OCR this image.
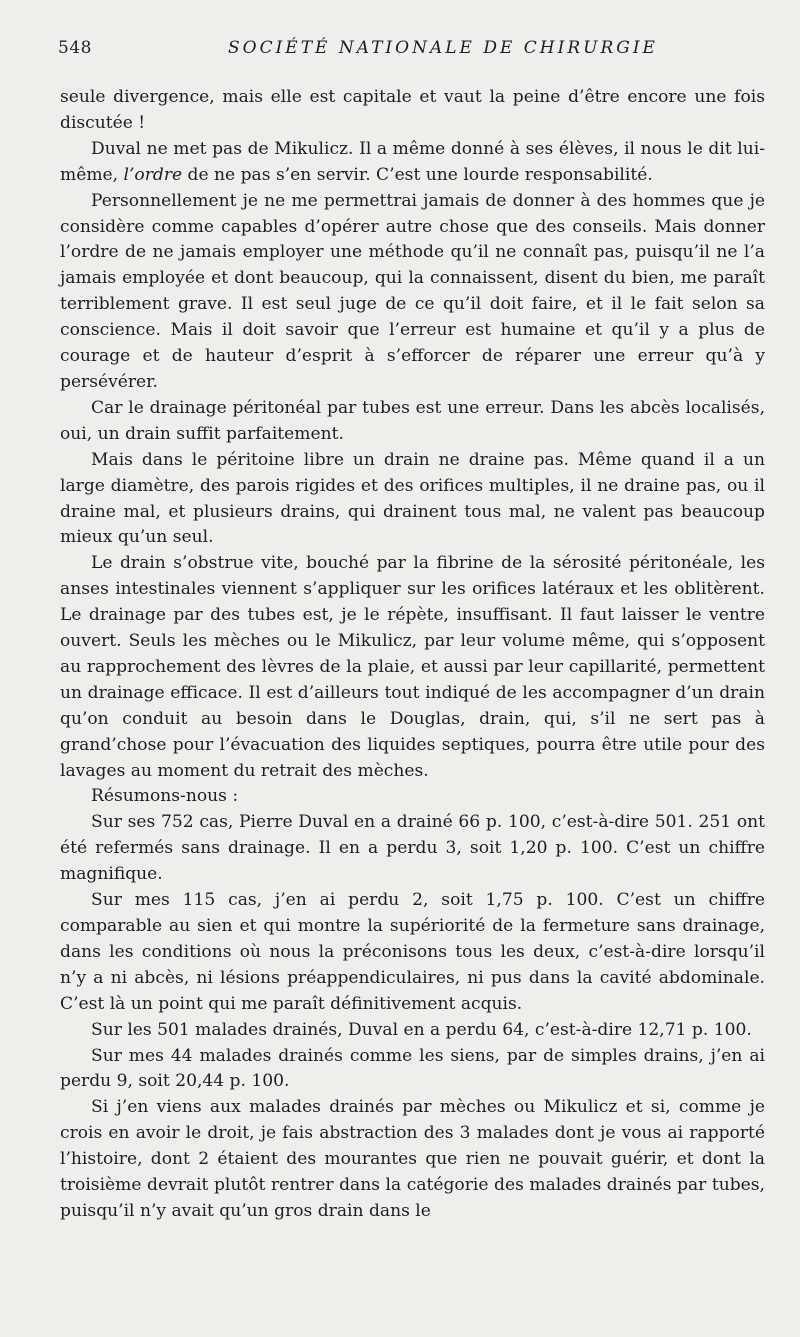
548	SOCIÉTÉ NATIONALE DE CHIRURGIE

seule divergence, mais elle est capitale et vaut la peine d’être encore une fois discutée !

Duval ne met pas de Mikulicz. Il a même donné à ses élèves, il nous le dit lui-même, l’ordre de ne pas s’en servir. C’est une lourde responsabilité.

Personnellement je ne me permettrai jamais de donner à des hommes que je considère comme capables d’opérer autre chose que des conseils. Mais donner l’ordre de ne jamais employer une méthode qu’il ne connaît pas, puisqu’il ne l’a jamais employée et dont beaucoup, qui la connaissent, disent du bien, me paraît terriblement grave. Il est seul juge de ce qu’il doit faire, et il le fait selon sa conscience. Mais il doit savoir que l’erreur est humaine et qu’il y a plus de courage et de hauteur d’esprit à s’efforcer de réparer une erreur qu’à y persévérer.

Car le drainage péritonéal par tubes est une erreur. Dans les abcès localisés, oui, un drain suffit parfaitement.

Mais dans le péritoine libre un drain ne draine pas. Même quand il a un large diamètre, des parois rigides et des orifices multiples, il ne draine pas, ou il draine mal, et plusieurs drains, qui drainent tous mal, ne valent pas beaucoup mieux qu’un seul.

Le drain s’obstrue vite, bouché par la fibrine de la sérosité péritonéale, les anses intestinales viennent s’appliquer sur les orifices latéraux et les oblitèrent. Le drainage par des tubes est, je le répète, insuffisant. Il faut laisser le ventre ouvert. Seuls les mèches ou le Mikulicz, par leur volume même, qui s’opposent au rapprochement des lèvres de la plaie, et aussi par leur capillarité, permettent un drainage efficace. Il est d’ailleurs tout indiqué de les accompagner d’un drain qu’on conduit au besoin dans le Douglas, drain, qui, s’il ne sert pas à grand’chose pour l’évacuation des liquides septiques, pourra être utile pour des lavages au moment du retrait des mèches.

Résumons-nous :

Sur ses 752 cas, Pierre Duval en a drainé 66 p. 100, c’est-à-dire 501. 251 ont été refermés sans drainage. Il en a perdu 3, soit 1,20 p. 100. C’est un chiffre magnifique.

Sur mes 115 cas, j’en ai perdu 2, soit 1,75 p. 100. C’est un chiffre comparable au sien et qui montre la supériorité de la fermeture sans drainage, dans les conditions où nous la préconisons tous les deux, c’est-à-dire lorsqu’il n’y a ni abcès, ni lésions préappendiculaires, ni pus dans la cavité abdominale. C’est là un point qui me paraît définitivement acquis.

Sur les 501 malades drainés, Duval en a perdu 64, c’est-à-dire 12,71 p. 100.

Sur mes 44 malades drainés comme les siens, par de simples drains, j’en ai perdu 9, soit 20,44 p. 100.

Si j’en viens aux malades drainés par mèches ou Mikulicz et si, comme je crois en avoir le droit, je fais abstraction des 3 malades dont je vous ai rapporté l’histoire, dont 2 étaient des mourantes que rien ne pouvait guérir, et dont la troisième devrait plutôt rentrer dans la catégorie des malades drainés par tubes, puisqu’il n’y avait qu’un gros drain dans le
